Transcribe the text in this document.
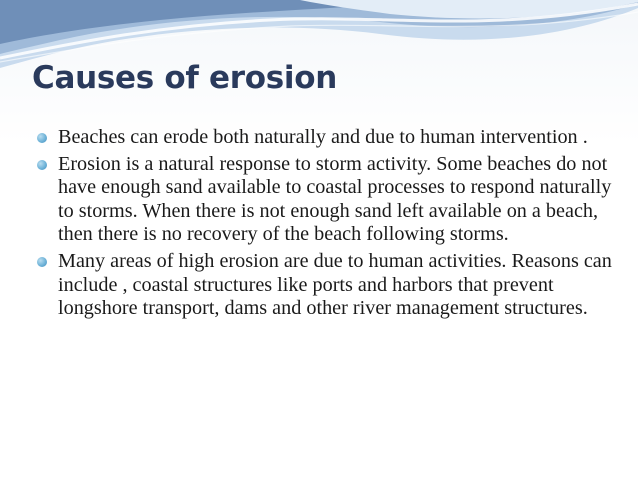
Causes of erosion
Beaches can erode both naturally and due to human intervention .
Erosion is a natural response to storm activity. Some beaches do not have enough sand available to coastal processes to respond naturally to storms. When there is not enough sand left available on a beach, then there is no recovery of the beach following storms.
Many areas of high erosion are due to human activities. Reasons can include , coastal structures like ports and harbors that prevent longshore transport, dams and other river management structures.
